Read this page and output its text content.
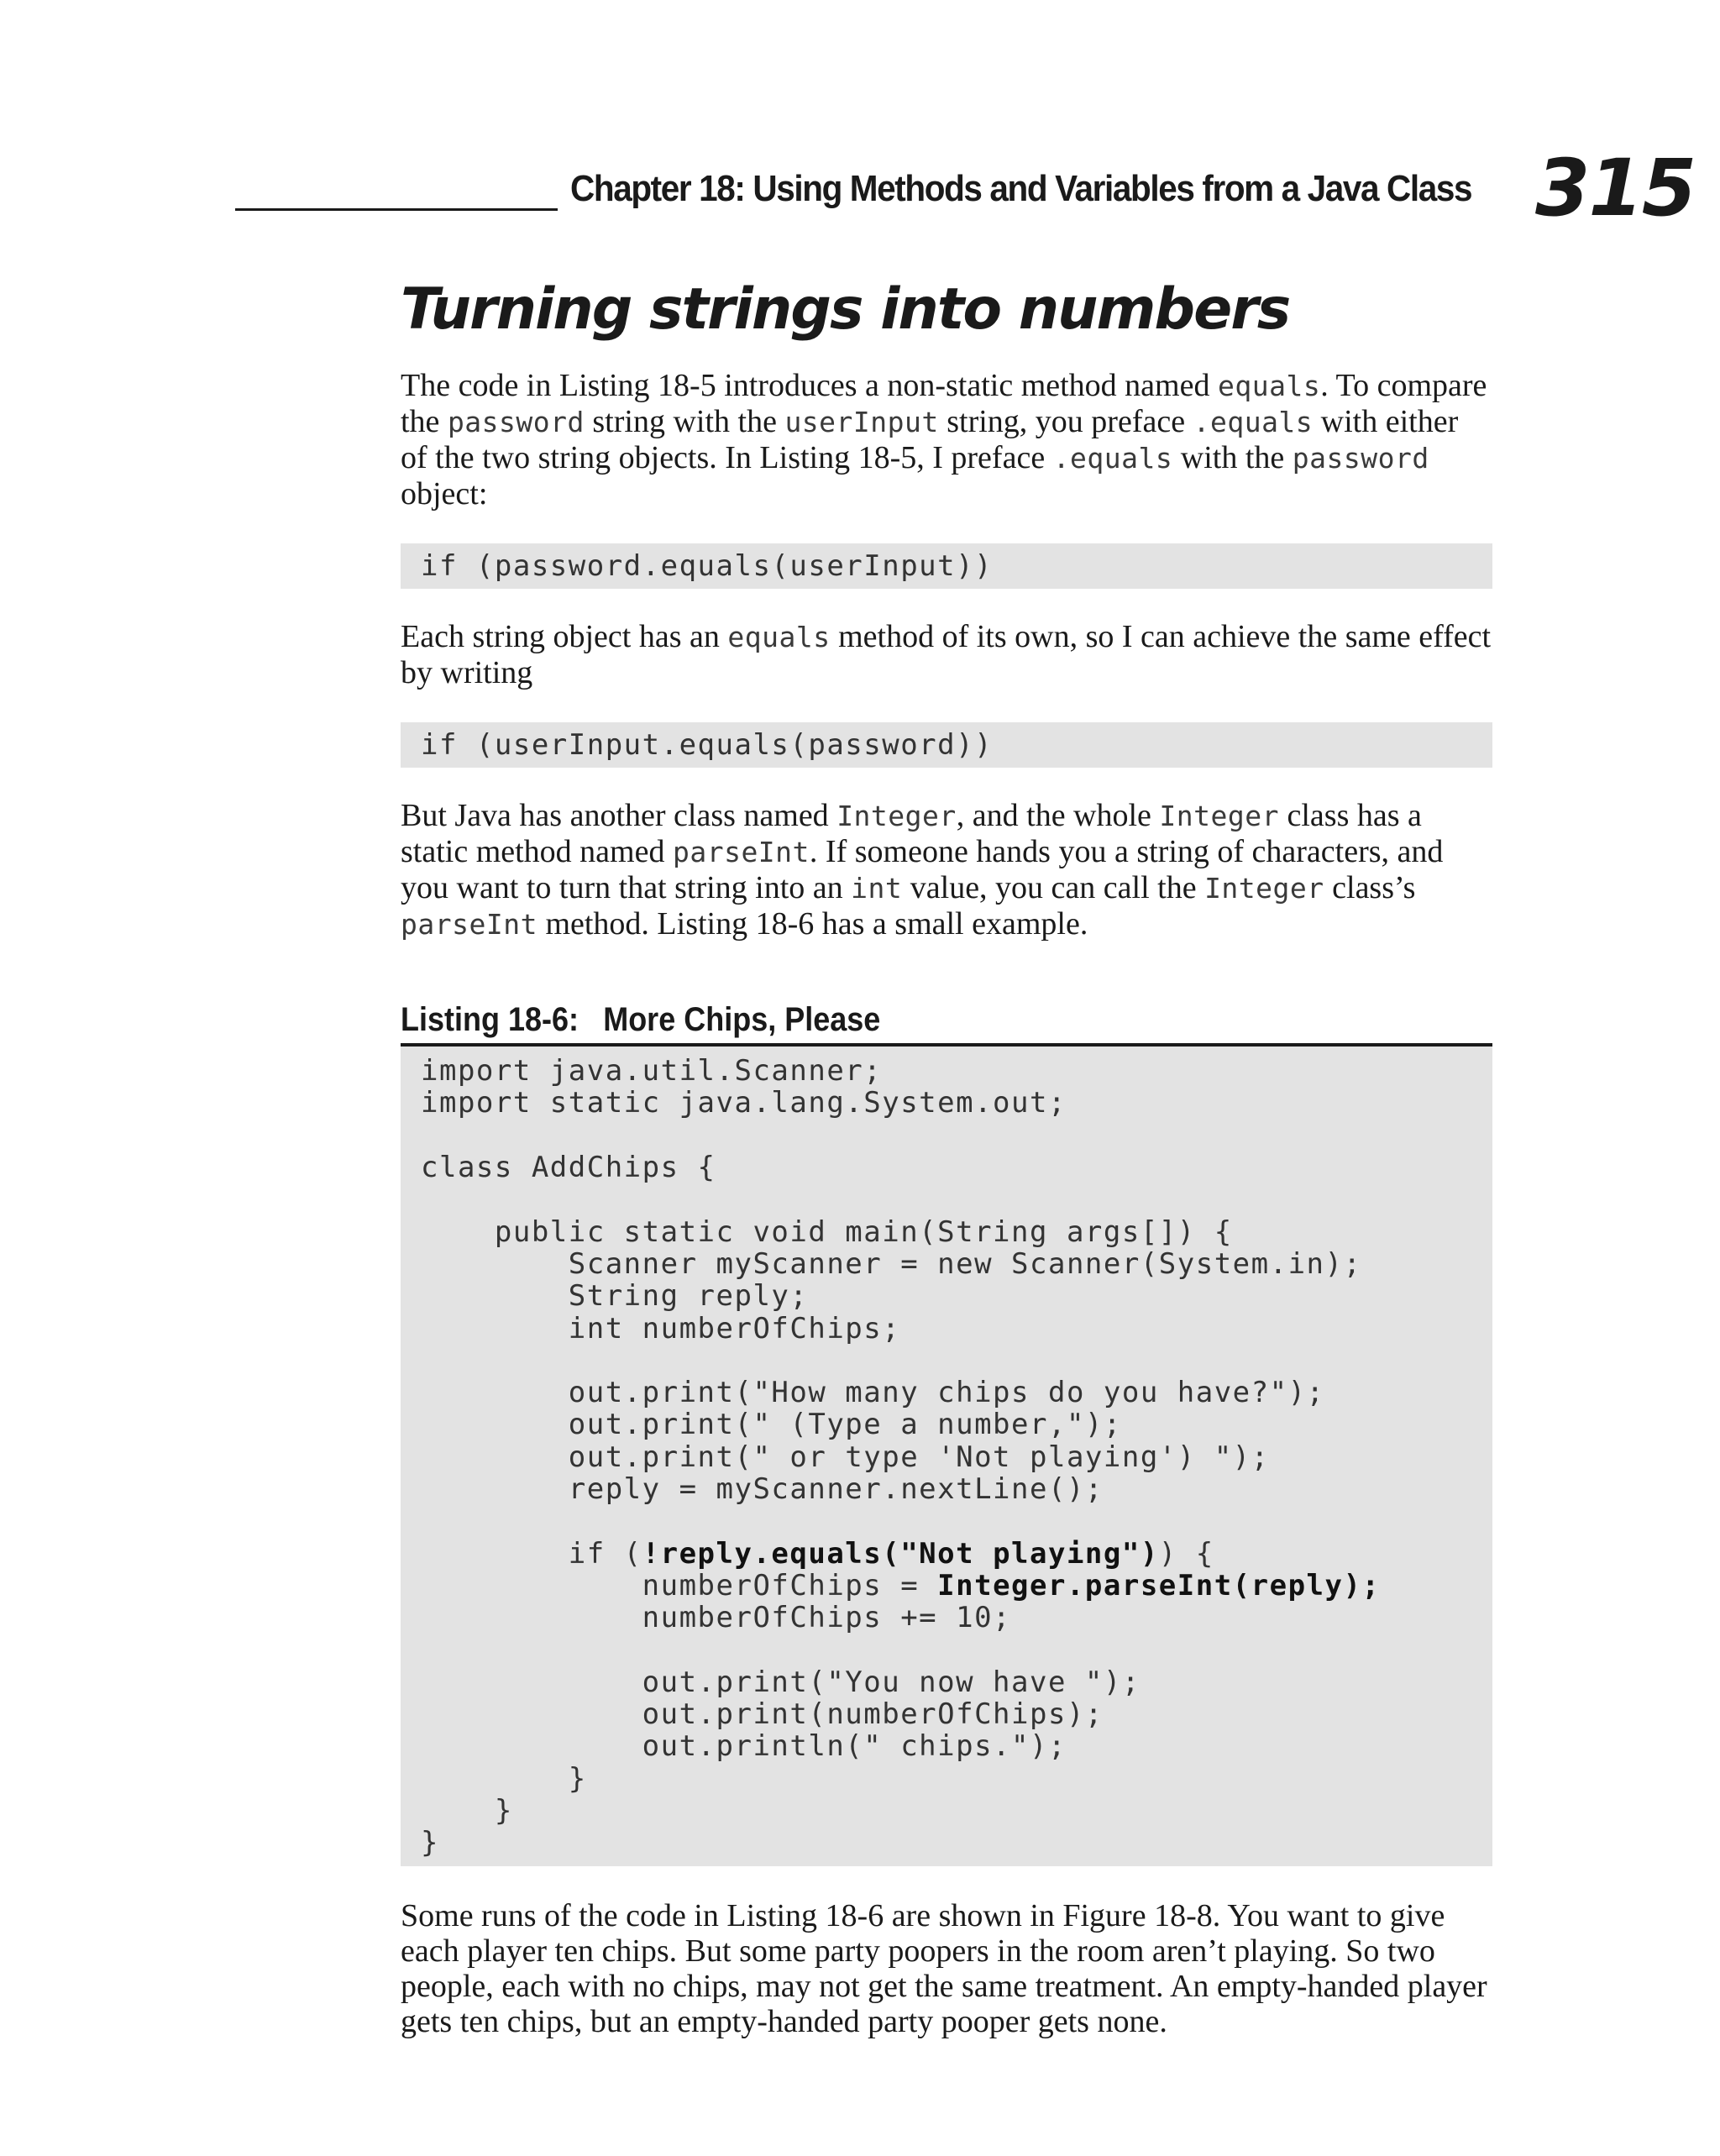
Chapter 18: Using Methods and Variables from a Java Class 315
Turning strings into numbers

The code in Listing 18-5 introduces a non-static method named equals. To compare the password string with the userInput string, you preface .equals with either of the two string objects. In Listing 18-5, I preface .equals with the password object:

if (password.equals(userInput))

Each string object has an equals method of its own, so I can achieve the same effect by writing

if (userInput.equals(password))

But Java has another class named Integer, and the whole Integer class has a static method named parseInt. If someone hands you a string of characters, and you want to turn that string into an int value, you can call the Integer class’s parseInt method. Listing 18-6 has a small example.

Listing 18-6: More Chips, Please
import java.util.Scanner;
import static java.lang.System.out;

class AddChips {

public static void main(String args[]) {
Scanner myScanner = new Scanner(System.in);
String reply;
int numberOfChips;

out.print("How many chips do you have?");
out.print(" (Type a number,");
out.print(" or type 'Not playing') ");
reply = myScanner.nextLine();

if (!reply.equals("Not playing")) {
numberOfChips = Integer.parseInt(reply);
numberOfChips += 10;

out.print("You now have ");
out.print(numberOfChips);
out.println(" chips.");
}
}
}

Some runs of the code in Listing 18-6 are shown in Figure 18-8. You want to give each player ten chips. But some party poopers in the room aren’t playing. So two people, each with no chips, may not get the same treatment. An empty-handed player gets ten chips, but an empty-handed party pooper gets none.
